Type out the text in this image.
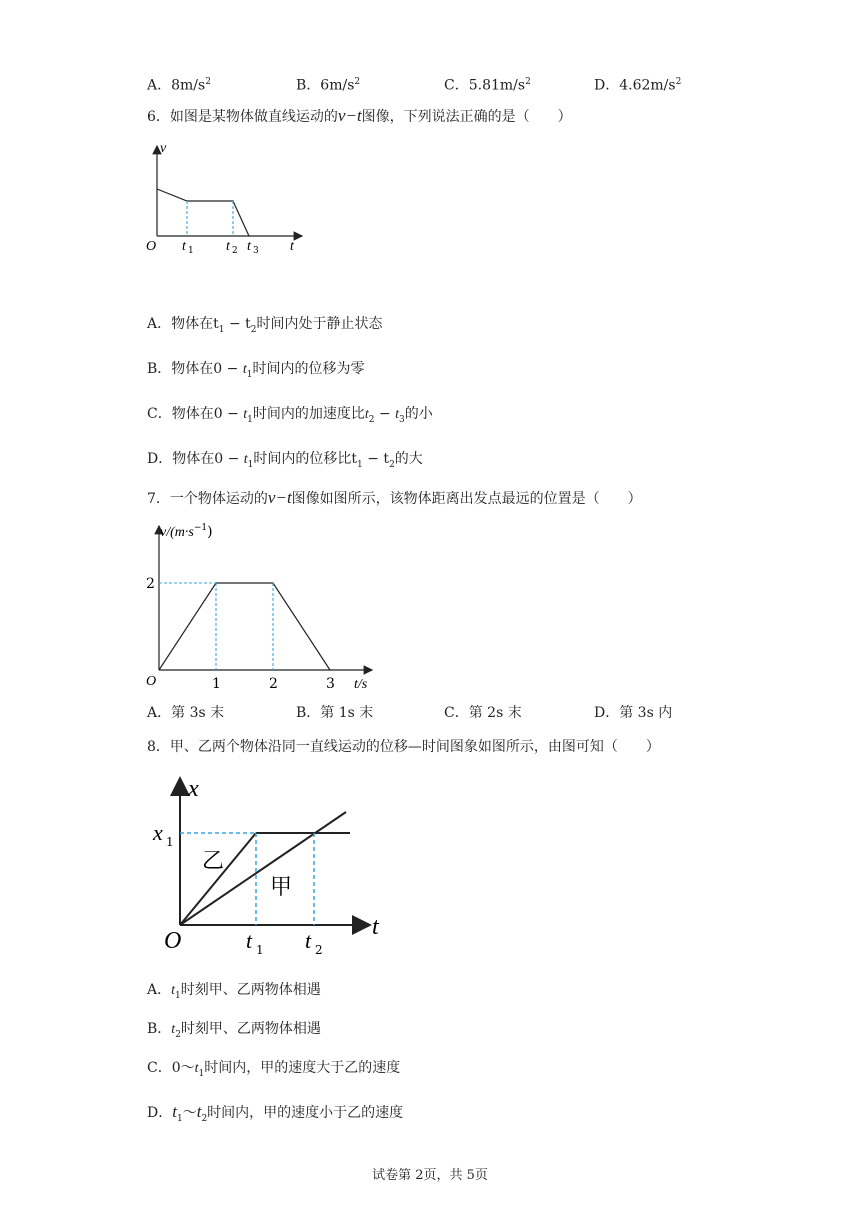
A．$8m/s^2$	B．$6m/s^2$	C．$5.81m/s^2$	D．$4.62m/s^2$
6．如图是某物体做直线运动的v−t图像，下列说法正确的是（　　）
v
O t 1 t 2 t 3 t
A．物体在$t_1 - t_2$时间内处于静止状态
B．物体在$0 - t_1$时间内的位移为零
C．物体在$0 - t_1$时间内的加速度比$t_2 - t_3$的小
D．物体在$0 - t_1$时间内的位移比$t_1 - t_2$的大
7．一个物体运动的v−t图像如图所示，该物体距离出发点最远的位置是（　　）
$v/(m\cdot s^{-1})$
2
O	1	2	3 t/s
A．第 3s 末	B．第 1s 末	C．第 2s 末	D．第 3s 内
8．甲、乙两个物体沿同一直线运动的位移—时间图象如图所示，由图可知（　　）
x
x 1
乙
甲
O	t 1 t 2
t
A．$t_1$时刻甲、乙两物体相遇
B．$t_2$时刻甲、乙两物体相遇
C．$0\sim t_1$时间内，甲的速度大于乙的速度
D．$t_1\sim t_2$时间内，甲的速度小于乙的速度
试卷第 2页，共 5页
